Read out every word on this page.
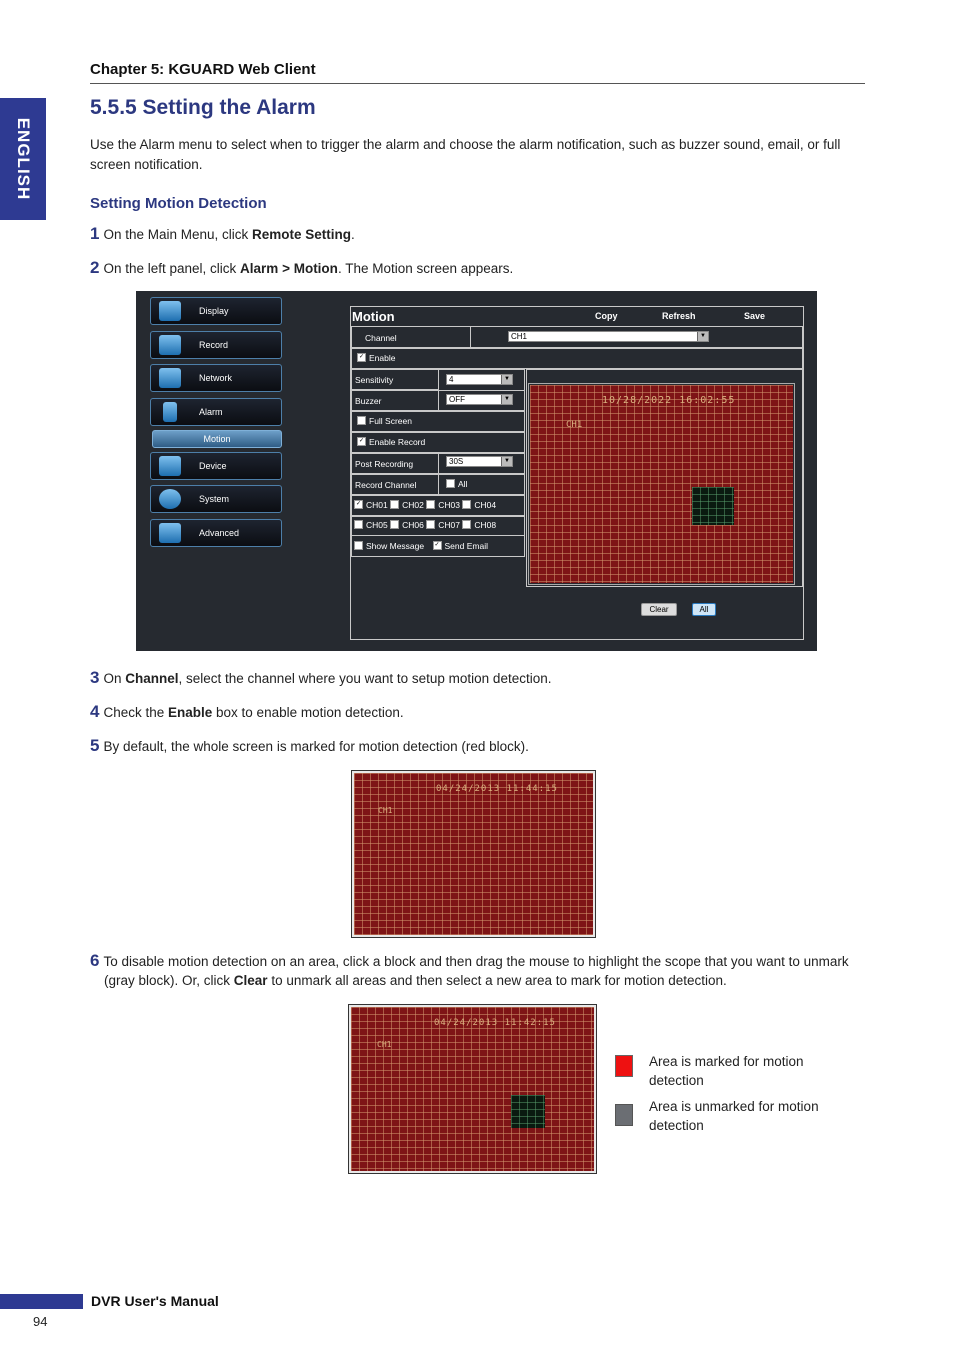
ENGLISH
Chapter 5: KGUARD Web Client
5.5.5 Setting the Alarm
Use the Alarm menu to select when to trigger the alarm and choose the alarm notification, such as buzzer sound, email, or full screen notification.
Setting Motion Detection
1 On the Main Menu, click Remote Setting.
2 On the left panel, click Alarm > Motion. The Motion screen appears.
Display
Record
Network
Alarm
Motion
Device
System
Advanced
Motion	Copy	Refresh	Save
Channel	CH1	▼
✓ Enable
Sensitivity	4	▼
Buzzer	OFF	▼
Full Screen
✓ Enable Record
Post Recording	30S	▼
Record Channel	All
✓ CH01 CH02 CH03 CH04
CH05 CH06 CH07 CH08
Show Message ✓ Send Email
10/28/2022 16:02:55
CH1
Clear	All
3 On Channel, select the channel where you want to setup motion detection.
4 Check the Enable box to enable motion detection.
5 By default, the whole screen is marked for motion detection (red block).
04/24/2013 11:44:15
CH1
6 To disable motion detection on an area, click a block and then drag the mouse to highlight the scope that you want to unmark (gray block). Or, click Clear to unmark all areas and then select a new area to mark for motion detection.
04/24/2013 11:42:15
CH1
Area is marked for motion detection
Area is unmarked for motion detection
DVR User's Manual
94
